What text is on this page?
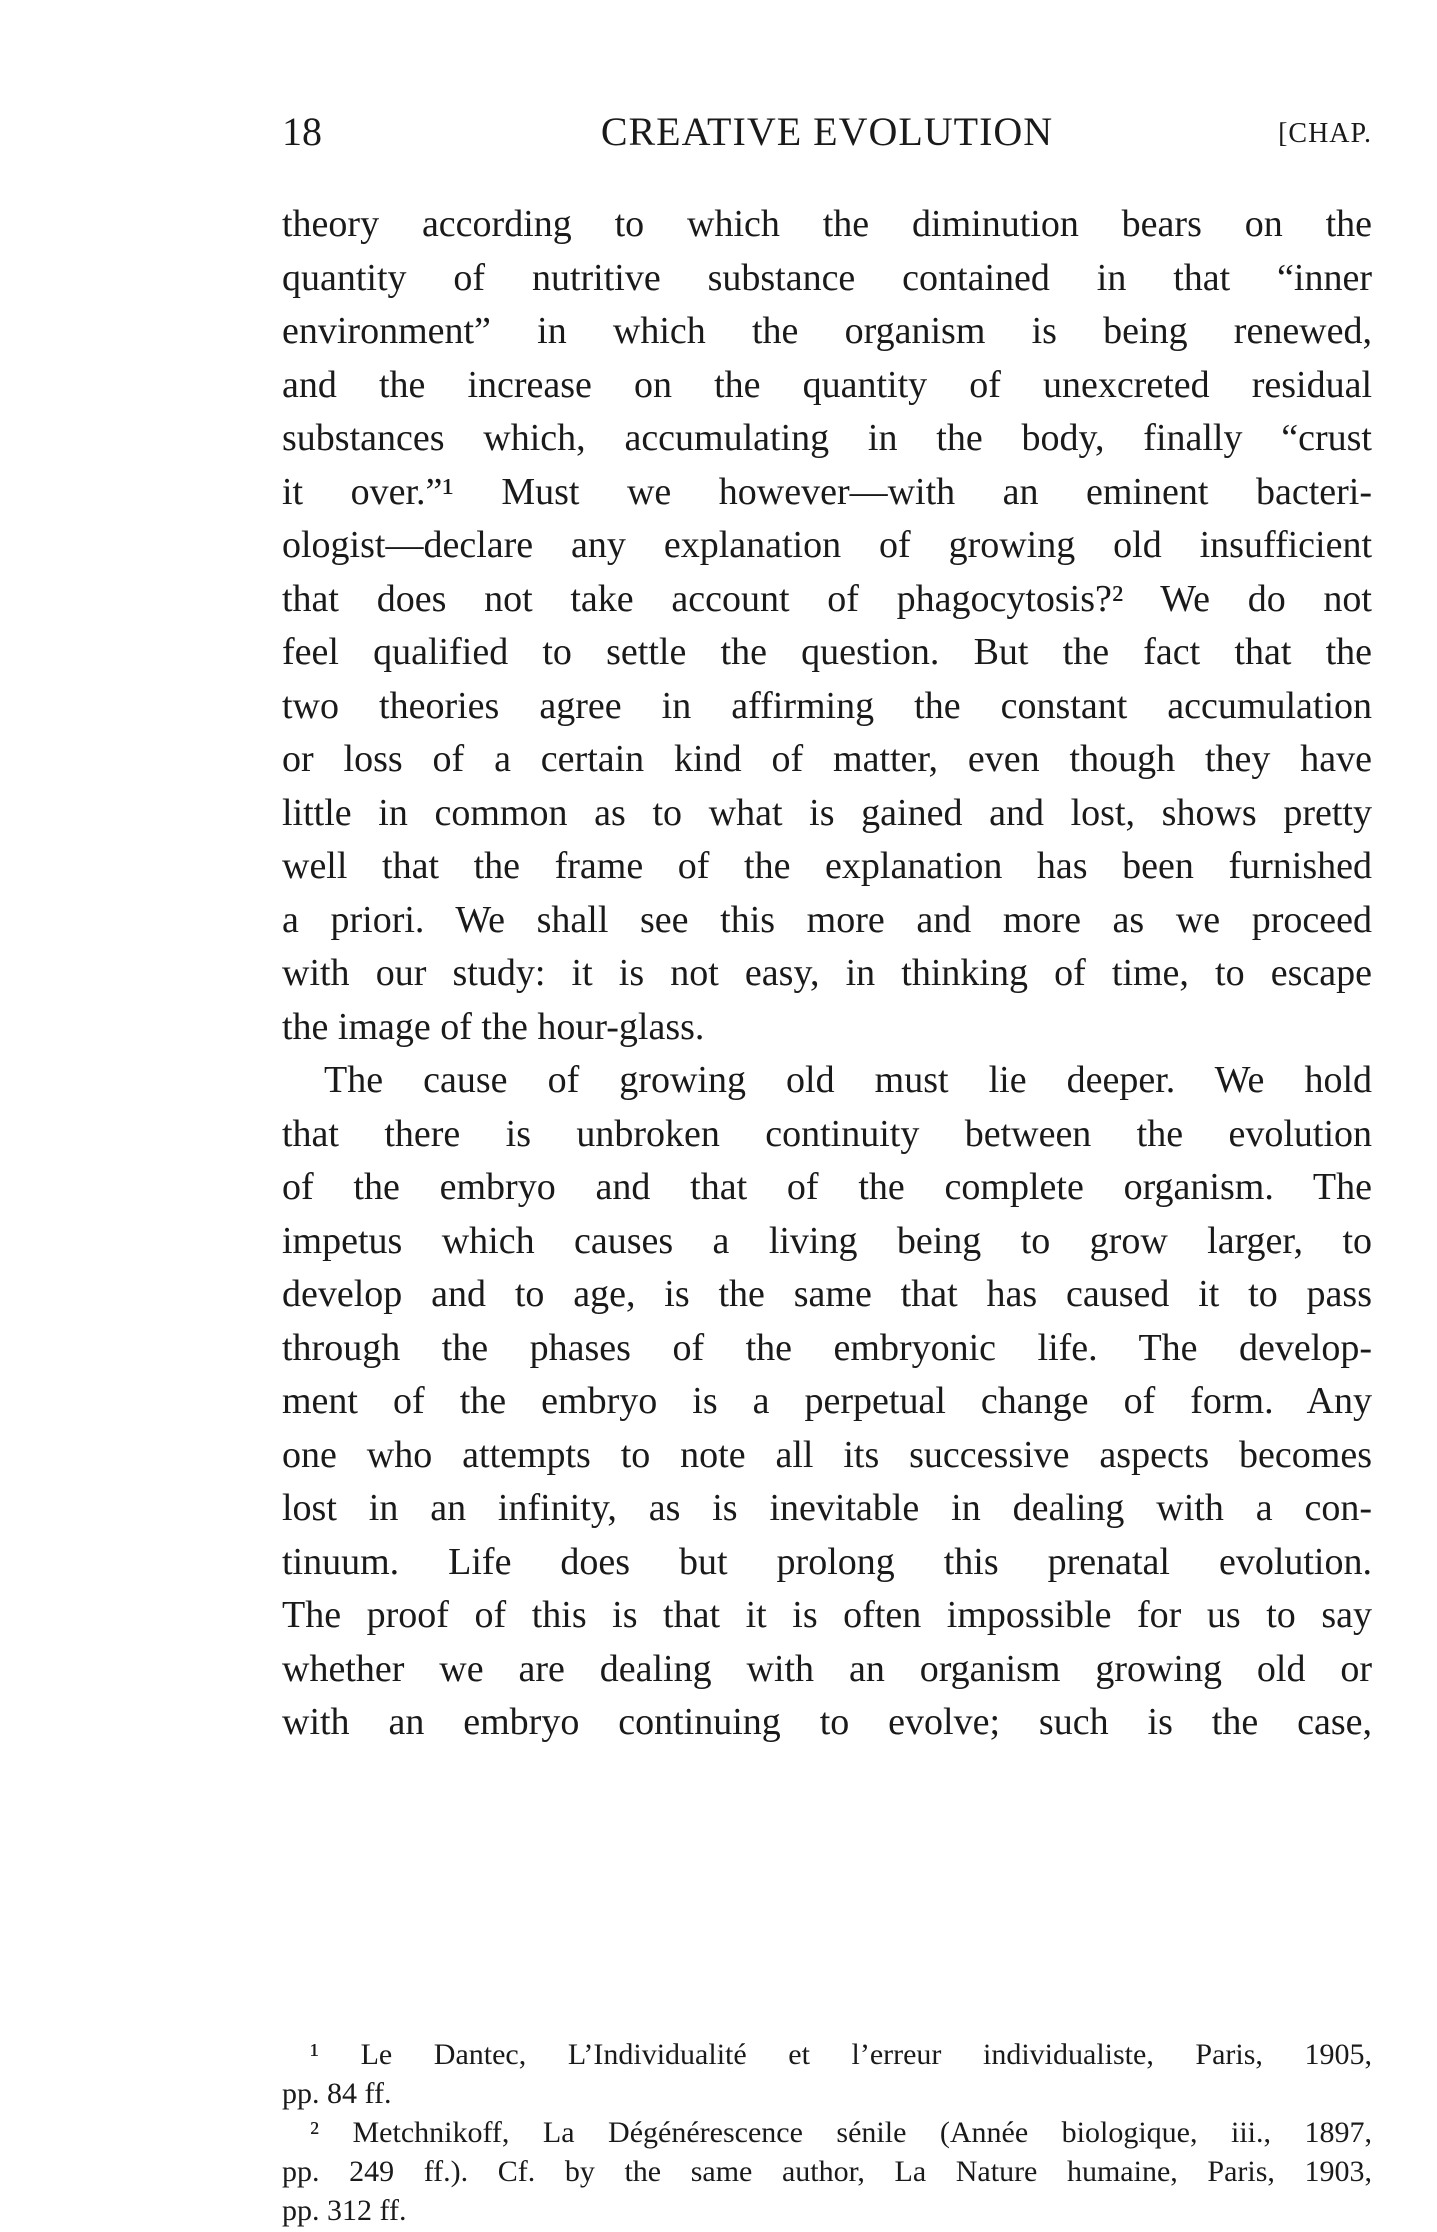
18	CREATIVE EVOLUTION	[CHAP.
theory according to which the diminution bears on the
quantity of nutritive substance contained in that “inner
environment” in which the organism is being renewed,
and the increase on the quantity of unexcreted residual
substances which, accumulating in the body, finally “crust
it over.”¹ Must we however—with an eminent bacteri-
ologist—declare any explanation of growing old insufficient
that does not take account of phagocytosis?² We do not
feel qualified to settle the question. But the fact that the
two theories agree in affirming the constant accumulation
or loss of a certain kind of matter, even though they have
little in common as to what is gained and lost, shows pretty
well that the frame of the explanation has been furnished
a priori. We shall see this more and more as we proceed
with our study: it is not easy, in thinking of time, to escape
the image of the hour-glass.
The cause of growing old must lie deeper. We hold
that there is unbroken continuity between the evolution
of the embryo and that of the complete organism. The
impetus which causes a living being to grow larger, to
develop and to age, is the same that has caused it to pass
through the phases of the embryonic life. The develop-
ment of the embryo is a perpetual change of form. Any
one who attempts to note all its successive aspects becomes
lost in an infinity, as is inevitable in dealing with a con-
tinuum. Life does but prolong this prenatal evolution.
The proof of this is that it is often impossible for us to say
whether we are dealing with an organism growing old or
with an embryo continuing to evolve; such is the case,
¹ Le Dantec, L’Individualité et l’erreur individualiste, Paris, 1905,
pp. 84 ff.
² Metchnikoff, La Dégénérescence sénile (Année biologique, iii., 1897,
pp. 249 ff.). Cf. by the same author, La Nature humaine, Paris, 1903,
pp. 312 ff.
